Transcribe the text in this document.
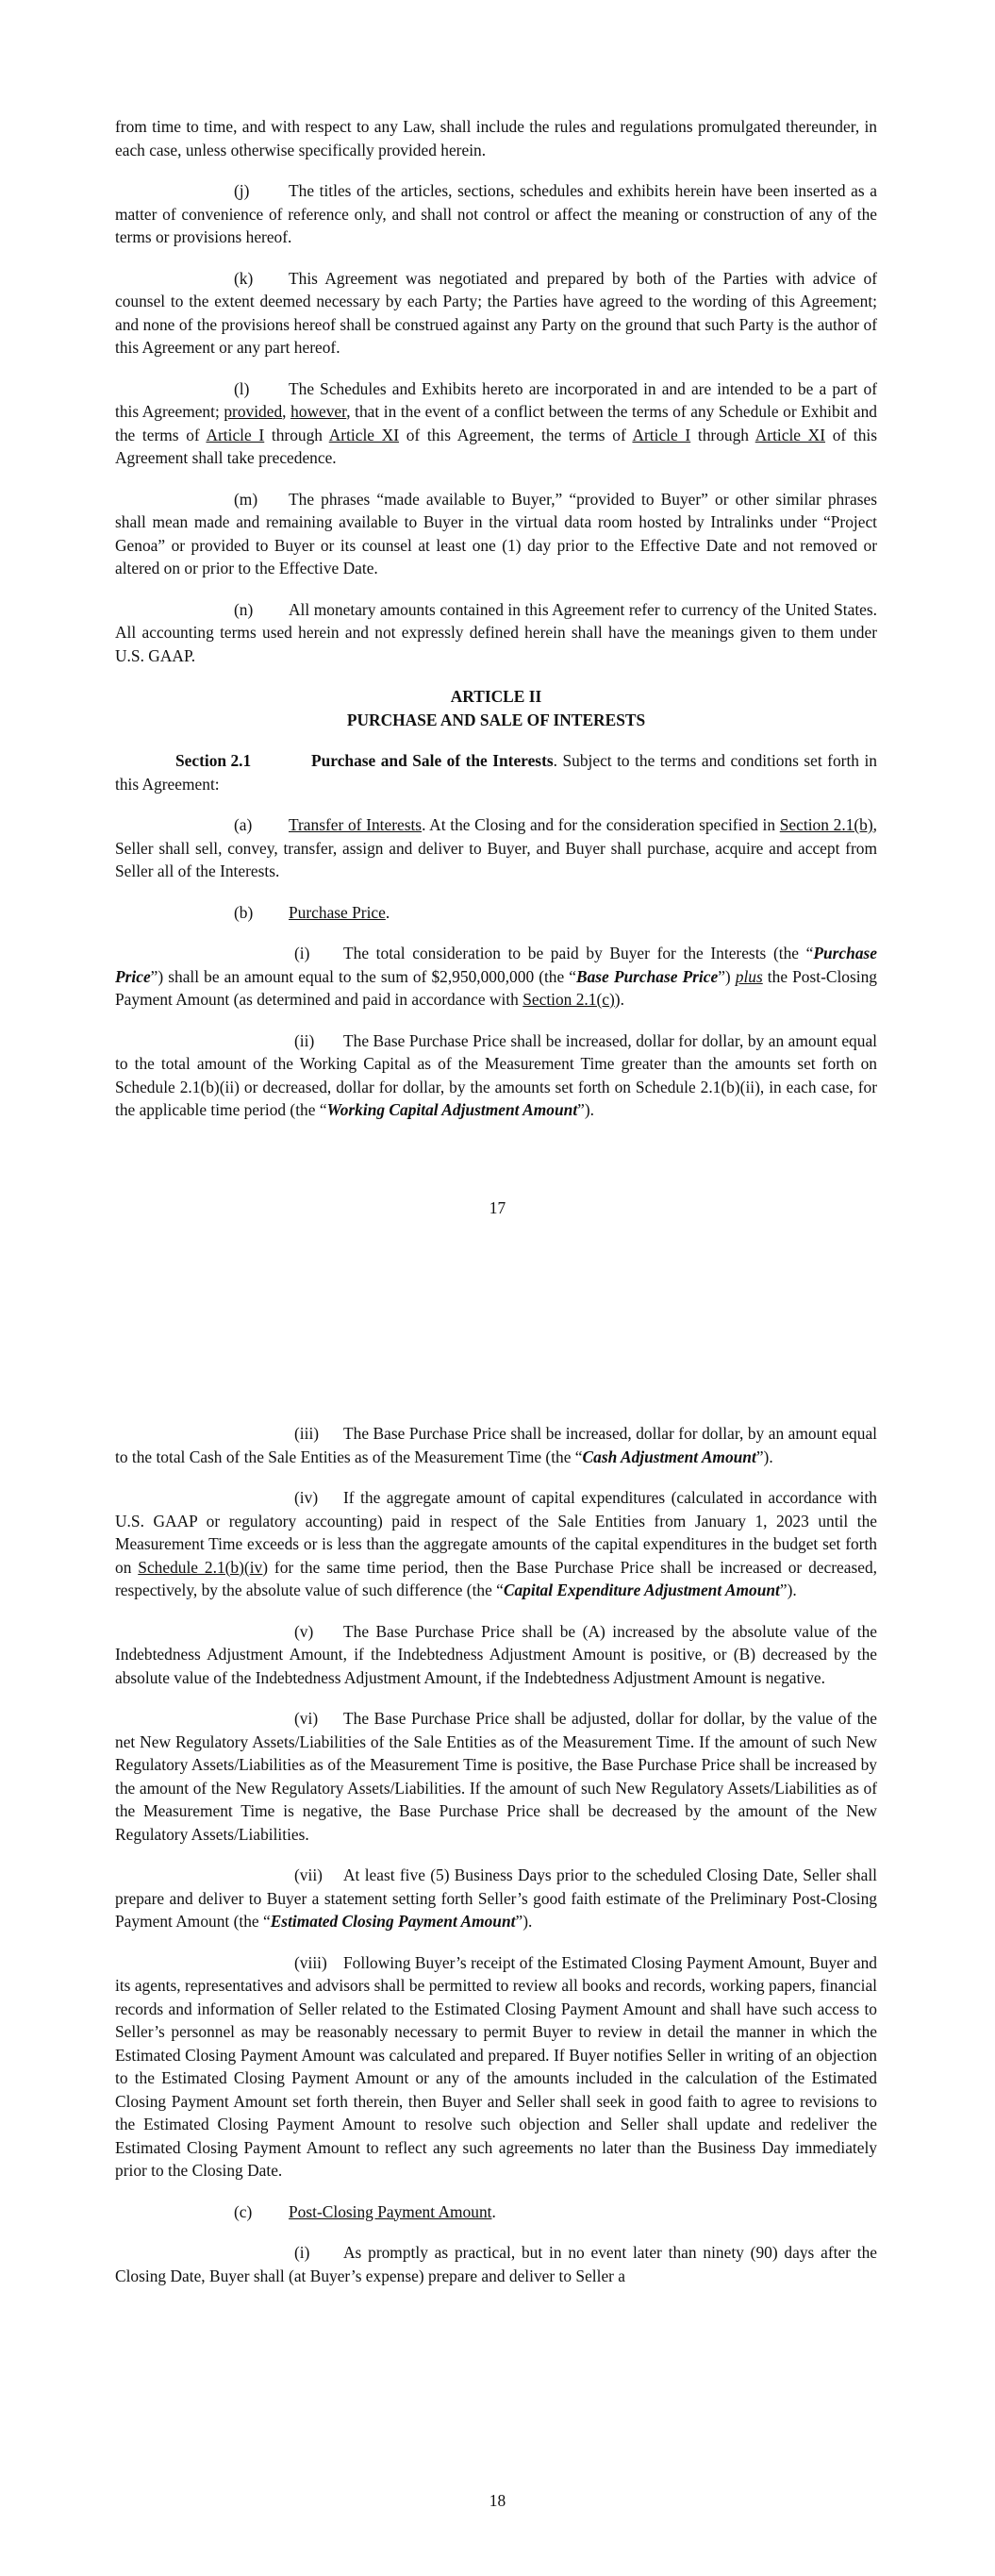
from time to time, and with respect to any Law, shall include the rules and regulations promulgated thereunder, in each case, unless otherwise specifically provided herein.

(j) The titles of the articles, sections, schedules and exhibits herein have been inserted as a matter of convenience of reference only, and shall not control or affect the meaning or construction of any of the terms or provisions hereof.

(k) This Agreement was negotiated and prepared by both of the Parties with advice of counsel to the extent deemed necessary by each Party; the Parties have agreed to the wording of this Agreement; and none of the provisions hereof shall be construed against any Party on the ground that such Party is the author of this Agreement or any part hereof.

(l) The Schedules and Exhibits hereto are incorporated in and are intended to be a part of this Agreement; provided, however, that in the event of a conflict between the terms of any Schedule or Exhibit and the terms of Article I through Article XI of this Agreement, the terms of Article I through Article XI of this Agreement shall take precedence.

(m) The phrases “made available to Buyer,” “provided to Buyer” or other similar phrases shall mean made and remaining available to Buyer in the virtual data room hosted by Intralinks under “Project Genoa” or provided to Buyer or its counsel at least one (1) day prior to the Effective Date and not removed or altered on or prior to the Effective Date.

(n) All monetary amounts contained in this Agreement refer to currency of the United States. All accounting terms used herein and not expressly defined herein shall have the meanings given to them under U.S. GAAP.

ARTICLE II

PURCHASE AND SALE OF INTERESTS

Section 2.1	Purchase and Sale of the Interests. Subject to the terms and conditions set forth in this Agreement:

(a) Transfer of Interests. At the Closing and for the consideration specified in Section 2.1(b), Seller shall sell, convey, transfer, assign and deliver to Buyer, and Buyer shall purchase, acquire and accept from Seller all of the Interests.

(b) Purchase Price.

(i) The total consideration to be paid by Buyer for the Interests (the “Purchase Price”) shall be an amount equal to the sum of $2,950,000,000 (the “Base Purchase Price”) plus the Post-Closing Payment Amount (as determined and paid in accordance with Section 2.1(c)).

(ii) The Base Purchase Price shall be increased, dollar for dollar, by an amount equal to the total amount of the Working Capital as of the Measurement Time greater than the amounts set forth on Schedule 2.1(b)(ii) or decreased, dollar for dollar, by the amounts set forth on Schedule 2.1(b)(ii), in each case, for the applicable time period (the “Working Capital Adjustment Amount”).

17

(iii) The Base Purchase Price shall be increased, dollar for dollar, by an amount equal to the total Cash of the Sale Entities as of the Measurement Time (the “Cash Adjustment Amount”).

(iv) If the aggregate amount of capital expenditures (calculated in accordance with U.S. GAAP or regulatory accounting) paid in respect of the Sale Entities from January 1, 2023 until the Measurement Time exceeds or is less than the aggregate amounts of the capital expenditures in the budget set forth on Schedule 2.1(b)(iv) for the same time period, then the Base Purchase Price shall be increased or decreased, respectively, by the absolute value of such difference (the “Capital Expenditure Adjustment Amount”).

(v) The Base Purchase Price shall be (A) increased by the absolute value of the Indebtedness Adjustment Amount, if the Indebtedness Adjustment Amount is positive, or (B) decreased by the absolute value of the Indebtedness Adjustment Amount, if the Indebtedness Adjustment Amount is negative.

(vi) The Base Purchase Price shall be adjusted, dollar for dollar, by the value of the net New Regulatory Assets/Liabilities of the Sale Entities as of the Measurement Time. If the amount of such New Regulatory Assets/Liabilities as of the Measurement Time is positive, the Base Purchase Price shall be increased by the amount of the New Regulatory Assets/Liabilities. If the amount of such New Regulatory Assets/Liabilities as of the Measurement Time is negative, the Base Purchase Price shall be decreased by the amount of the New Regulatory Assets/Liabilities.

(vii) At least five (5) Business Days prior to the scheduled Closing Date, Seller shall prepare and deliver to Buyer a statement setting forth Seller’s good faith estimate of the Preliminary Post-Closing Payment Amount (the “Estimated Closing Payment Amount”).

(viii) Following Buyer’s receipt of the Estimated Closing Payment Amount, Buyer and its agents, representatives and advisors shall be permitted to review all books and records, working papers, financial records and information of Seller related to the Estimated Closing Payment Amount and shall have such access to Seller’s personnel as may be reasonably necessary to permit Buyer to review in detail the manner in which the Estimated Closing Payment Amount was calculated and prepared. If Buyer notifies Seller in writing of an objection to the Estimated Closing Payment Amount or any of the amounts included in the calculation of the Estimated Closing Payment Amount set forth therein, then Buyer and Seller shall seek in good faith to agree to revisions to the Estimated Closing Payment Amount to resolve such objection and Seller shall update and redeliver the Estimated Closing Payment Amount to reflect any such agreements no later than the Business Day immediately prior to the Closing Date.

(c) Post-Closing Payment Amount.

(i) As promptly as practical, but in no event later than ninety (90) days after the Closing Date, Buyer shall (at Buyer’s expense) prepare and deliver to Seller a

18
